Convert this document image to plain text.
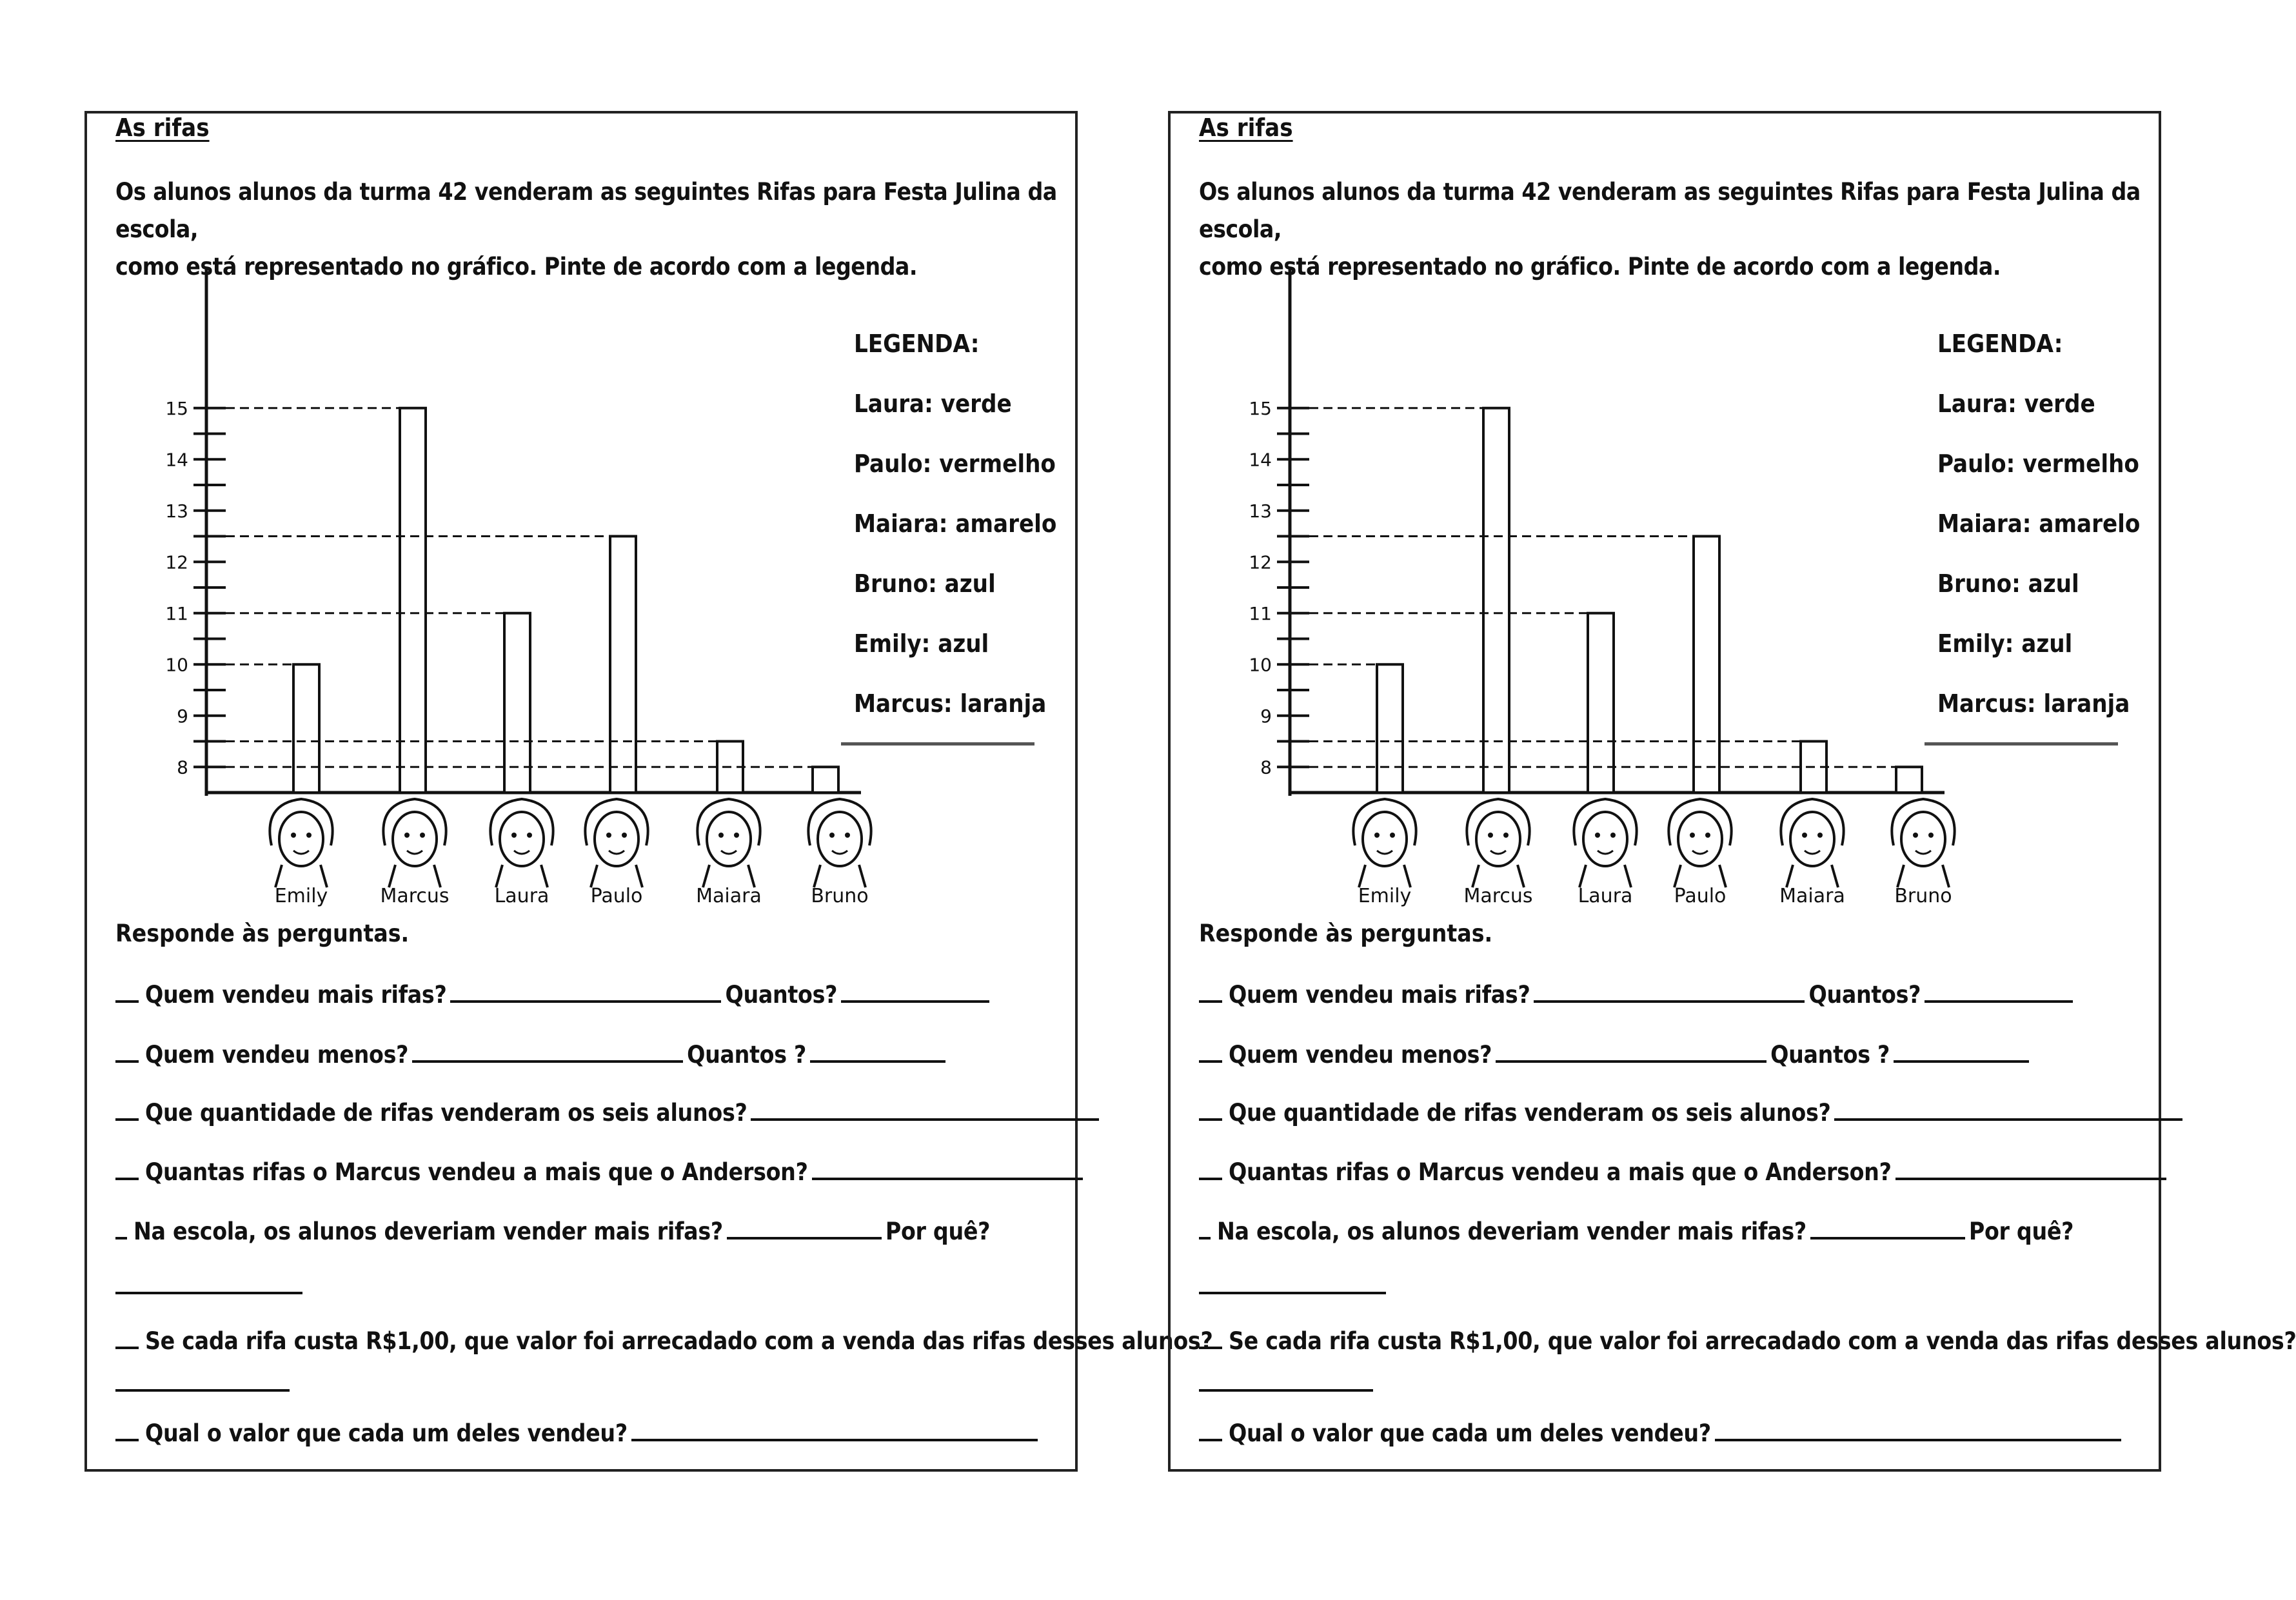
As rifas

Os alunos alunos da turma 42 venderam as seguintes Rifas para Festa Julina da escola,

como está representado no gráfico. Pinte de acordo com a legenda.

8
9
10
11
12
13
14
15
Emily	Marcus Laura Paulo	Maiara	Bruno
LEGENDA:
Laura: verde
Paulo: vermelho
Maiara: amarelo
Bruno: azul
Emily: azul
Marcus: laranja
Responde às perguntas.
Quem vendeu mais rifas?	Quantos?
Quem vendeu menos?	Quantos ?
Que quantidade de rifas venderam os seis alunos?
Quantas rifas o Marcus vendeu a mais que o Anderson?
Na escola, os alunos deveriam vender mais rifas?	Por quê?
Se cada rifa custa R$1,00, que valor foi arrecadado com a venda das rifas desses alunos?
Qual o valor que cada um deles vendeu?
As rifas

Os alunos alunos da turma 42 venderam as seguintes Rifas para Festa Julina da escola,

como está representado no gráfico. Pinte de acordo com a legenda.

8
9
10
11
12
13
14
15
Emily	Marcus Laura Paulo	Maiara	Bruno
LEGENDA:
Laura: verde
Paulo: vermelho
Maiara: amarelo
Bruno: azul
Emily: azul
Marcus: laranja
Responde às perguntas.
Quem vendeu mais rifas?	Quantos?
Quem vendeu menos?	Quantos ?
Que quantidade de rifas venderam os seis alunos?
Quantas rifas o Marcus vendeu a mais que o Anderson?
Na escola, os alunos deveriam vender mais rifas?	Por quê?
Se cada rifa custa R$1,00, que valor foi arrecadado com a venda das rifas desses alunos?
Qual o valor que cada um deles vendeu?
